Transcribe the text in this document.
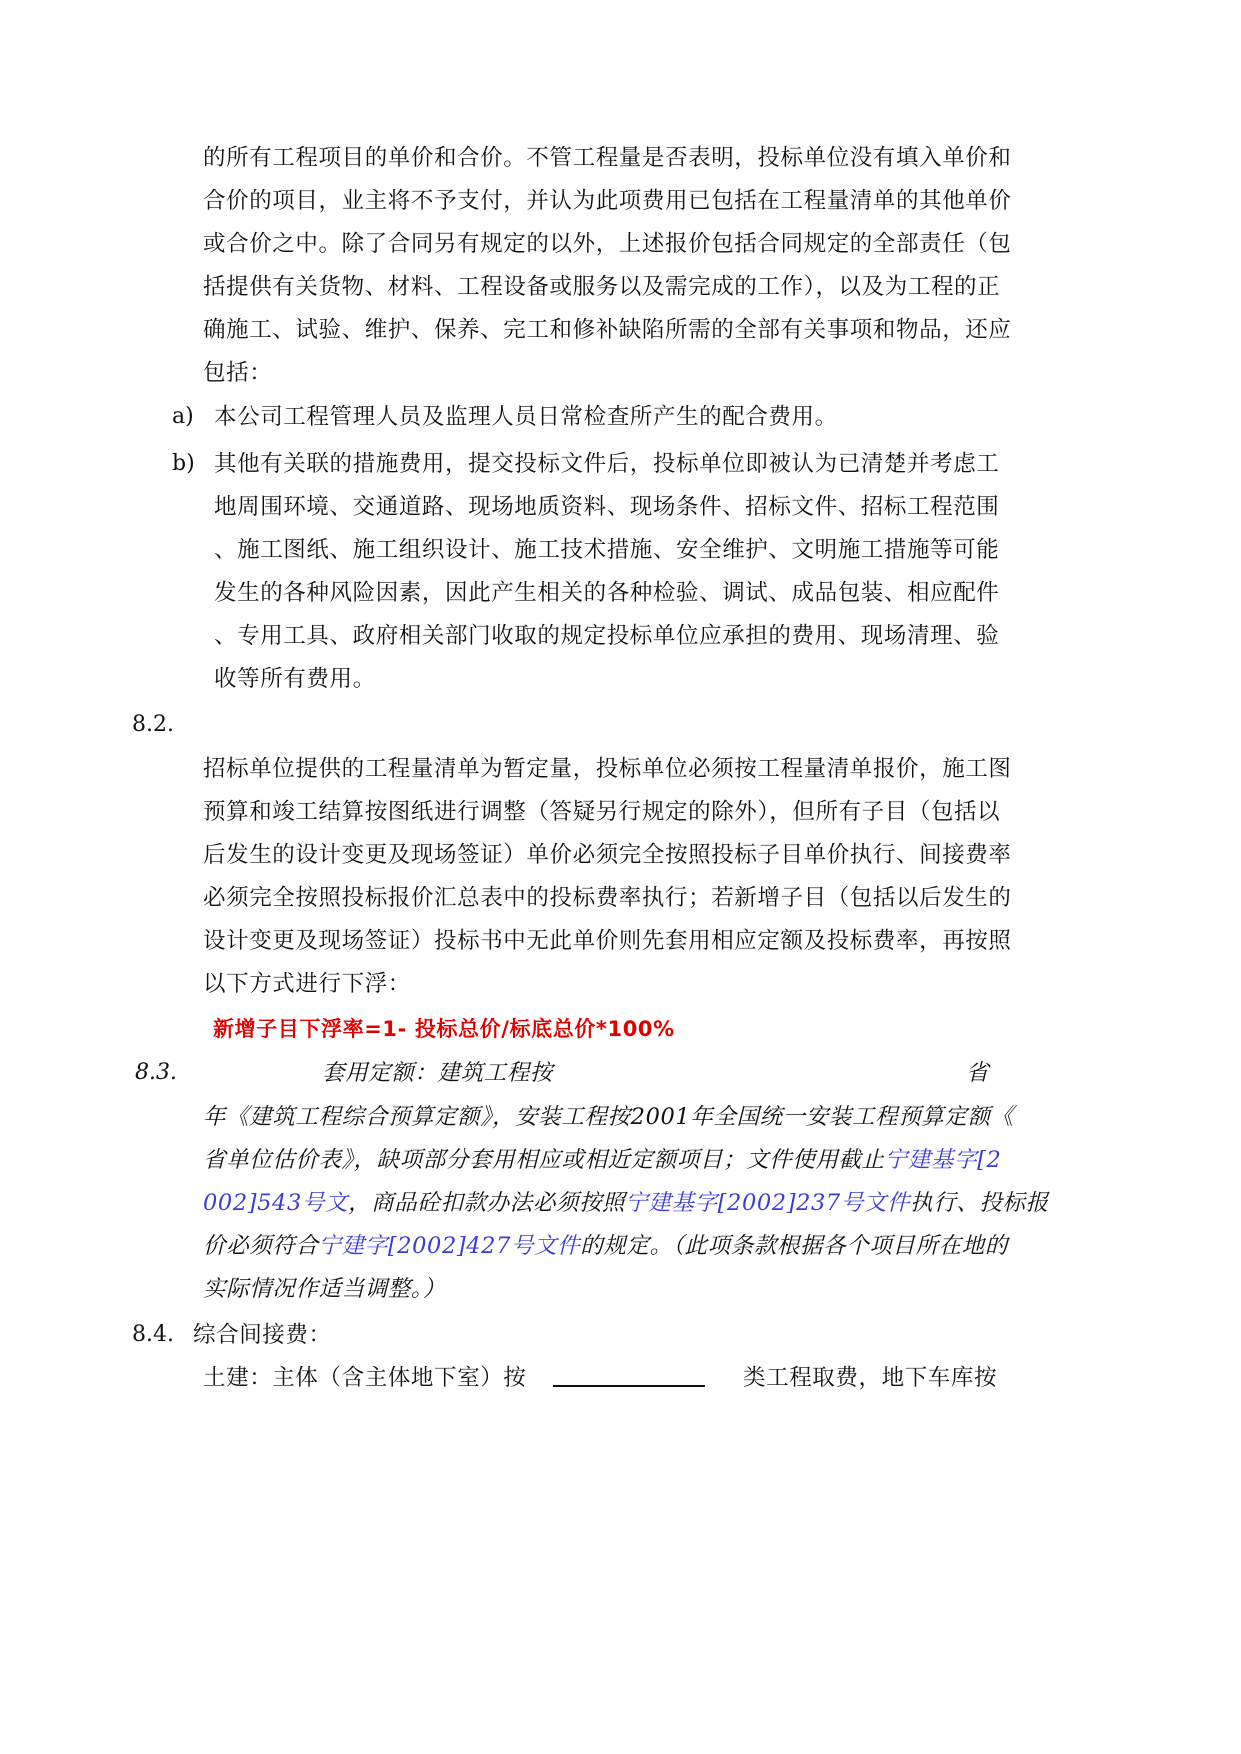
的所有工程项目的单价和合价。不管工程量是否表明，投标单位没有填入单价和
合价的项目，业主将不予支付，并认为此项费用已包括在工程量清单的其他单价
或合价之中。除了合同另有规定的以外，上述报价包括合同规定的全部责任（包
括提供有关货物、材料、工程设备或服务以及需完成的工作），以及为工程的正
确施工、试验、维护、保养、完工和修补缺陷所需的全部有关事项和物品，还应
包括：
a) 本公司工程管理人员及监理人员日常检查所产生的配合费用。
b) 其他有关联的措施费用，提交投标文件后，投标单位即被认为已清楚并考虑工
地周围环境、交通道路、现场地质资料、现场条件、招标文件、招标工程范围
、施工图纸、施工组织设计、施工技术措施、安全维护、文明施工措施等可能
发生的各种风险因素，因此产生相关的各种检验、调试、成品包装、相应配件
、专用工具、政府相关部门收取的规定投标单位应承担的费用、现场清理、验
收等所有费用。
8.2.
招标单位提供的工程量清单为暂定量，投标单位必须按工程量清单报价，施工图
预算和竣工结算按图纸进行调整（答疑另行规定的除外），但所有子目（包括以
后发生的设计变更及现场签证）单价必须完全按照投标子目单价执行、间接费率
必须完全按照投标报价汇总表中的投标费率执行；若新增子目（包括以后发生的
设计变更及现场签证）投标书中无此单价则先套用相应定额及投标费率，再按照
以下方式进行下浮：
新增子目下浮率=1- 投标总价/标底总价*100%
8.3.	套用定额：建筑工程按	省
年《建筑工程综合预算定额》，安装工程按2001年全国统一安装工程预算定额《
省单位估价表》，缺项部分套用相应或相近定额项目；文件使用截止宁建基字[2
002]543号文，商品砼扣款办法必须按照宁建基字[2002]237号文件执行、投标报
价必须符合宁建字[2002]427号文件的规定。（此项条款根据各个项目所在地的
实际情况作适当调整。）
8.4. 综合间接费：
土建：主体（含主体地下室）按	类工程取费，地下车库按
